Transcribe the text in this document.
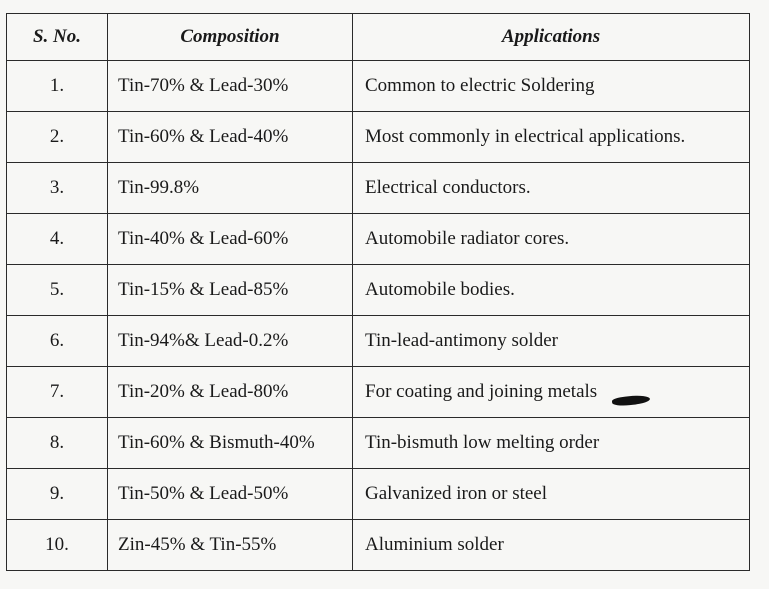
S. No.	Composition	Applications
1.	Tin-70% & Lead-30%	Common to electric Soldering
2.	Tin-60% & Lead-40%	Most commonly in electrical applications.
3.	Tin-99.8%	Electrical conductors.
4.	Tin-40% & Lead-60%	Automobile radiator cores.
5.	Tin-15% & Lead-85%	Automobile bodies.
6.	Tin-94%& Lead-0.2%	Tin-lead-antimony solder
7.	Tin-20% & Lead-80%	For coating and joining metals
8.	Tin-60% & Bismuth-40%	Tin-bismuth low melting order
9.	Tin-50% & Lead-50%	Galvanized iron or steel
10.	Zin-45% & Tin-55%	Aluminium solder
